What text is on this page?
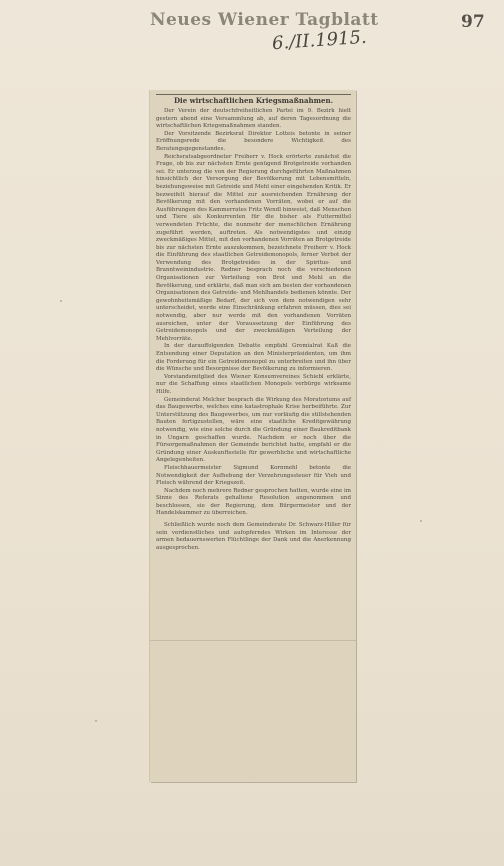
Neues Wiener Tagblatt	97
6./II.1915.
Die wirtschaftlichen Kriegsmaßnahmen.

Der Verein der deutschfreiheitlichen Partei im 9. Bezirk hielt gestern abend eine Versammlung ab, auf deren Tagesordnung die wirtschaftlichen Kriegsmaßnahmen standen.

Der Vorsitzende Bezirksrat Direktor Lotteis betonte in seiner Eröffnungsrede die besondere Wichtigkeit des Beratungsgegenstandes.

Reichsratsabgeordneter Freiherr v. Hock erörterte zunächst die Frage, ob bis zur nächsten Ernte genügend Brotgetreide vorhanden sei. Er unterzog die von der Regierung durchgeführten Maßnahmen hinsichtlich der Versorgung der Bevölkerung mit Lebensmitteln, beziehungsweise mit Getreide und Mehl einer eingehenden Kritik. Er bezweifelt hierauf die Mittel zur ausreichenden Ernährung der Bevölkerung mit den vorhandenen Vorräten, wobei er auf die Ausführungen des Kammerrates Fritz Wendl hinweist, daß Menschen und Tiere als Konkurrenten für die bisher als Futtermittel verwendeten Früchte, die nunmehr der menschlichen Ernährung zugeführt werden, auftreten. Als notwendigstes und einzig zweckmäßiges Mittel, mit den vorhandenen Vorräten an Brotgetreide bis zur nächsten Ernte auszukommen, bezeichnete Freiherr v. Hock die Einführung des staatlichen Getreidemonopols, ferner Verbot der Verwendung des Brotgetreides in der Spiritus- und Branntweinindustrie. Redner besprach noch die verschiedenen Organisationen zur Verteilung von Brot und Mehl an die Bevölkerung, und erklärte, daß man sich am besten der vorhandenen Organisationen des Getreide- und Mehlhandels bedienen könnte. Der gewohnheitsmäßige Bedarf, der sich von dem notwendigen sehr unterscheidet, werde eine Einschränkung erfahren müssen, dies sei notwendig, aber nur werde mit den vorhandenen Vorräten ausreichen, unter der Voraussetzung der Einführung des Getreidemonopols und der zweckmäßigen Verteilung der Mehlvorräte.

In der darauffolgenden Debatte empfahl Gremialrat Kaß die Entsendung einer Deputation an den Ministerpräsidenten, um ihm die Forderung für ein Getreidemonopol zu unterbreiten und ihn über die Wünsche und Besorgnisse der Bevölkerung zu informieren.

Vorstandsmitglied des Wiener Konsumvereines Schiebl erklärte, nur die Schaffung eines staatlichen Monopols verbürge wirksame Hilfe.

Gemeinderat Melcher besprach die Wirkung des Moratoriums auf das Baugewerbe, welches eine katastrophale Krise herbeiführte. Zur Unterstützung des Baugewerbes, um nur vorläufig die stillstehenden Bauten fertigzustellen, wäre eine staatliche Kreditgewährung notwendig, wie eine solche durch die Gründung einer Baukreditbank in Ungarn geschaffen wurde. Nachdem er noch über die Fürsorgemaßnahmen der Gemeinde berichtet hatte, empfahl er die Gründung einer Auskunftsstelle für gewerbliche und wirtschaftliche Angelegenheiten.

Fleischhauermeister Sigmund Kornmehl betonte die Notwendigkeit der Aufhebung der Verzehrungssteuer für Vieh und Fleisch während der Kriegszeit.

Nachdem noch mehrere Redner gesprochen hatten, wurde eine im Sinne des Referats gehaltene Resolution angenommen und beschlossen, sie der Regierung, dem Bürgermeister und der Handelskammer zu überreichen.

Schließlich wurde noch dem Gemeinderate Dr. Schwarz-Hiller für sein verdienstliches und aufopferndes Wirken im Interesse der armen bedauernswerten Flüchtlinge der Dank und die Anerkennung ausgesprochen.
